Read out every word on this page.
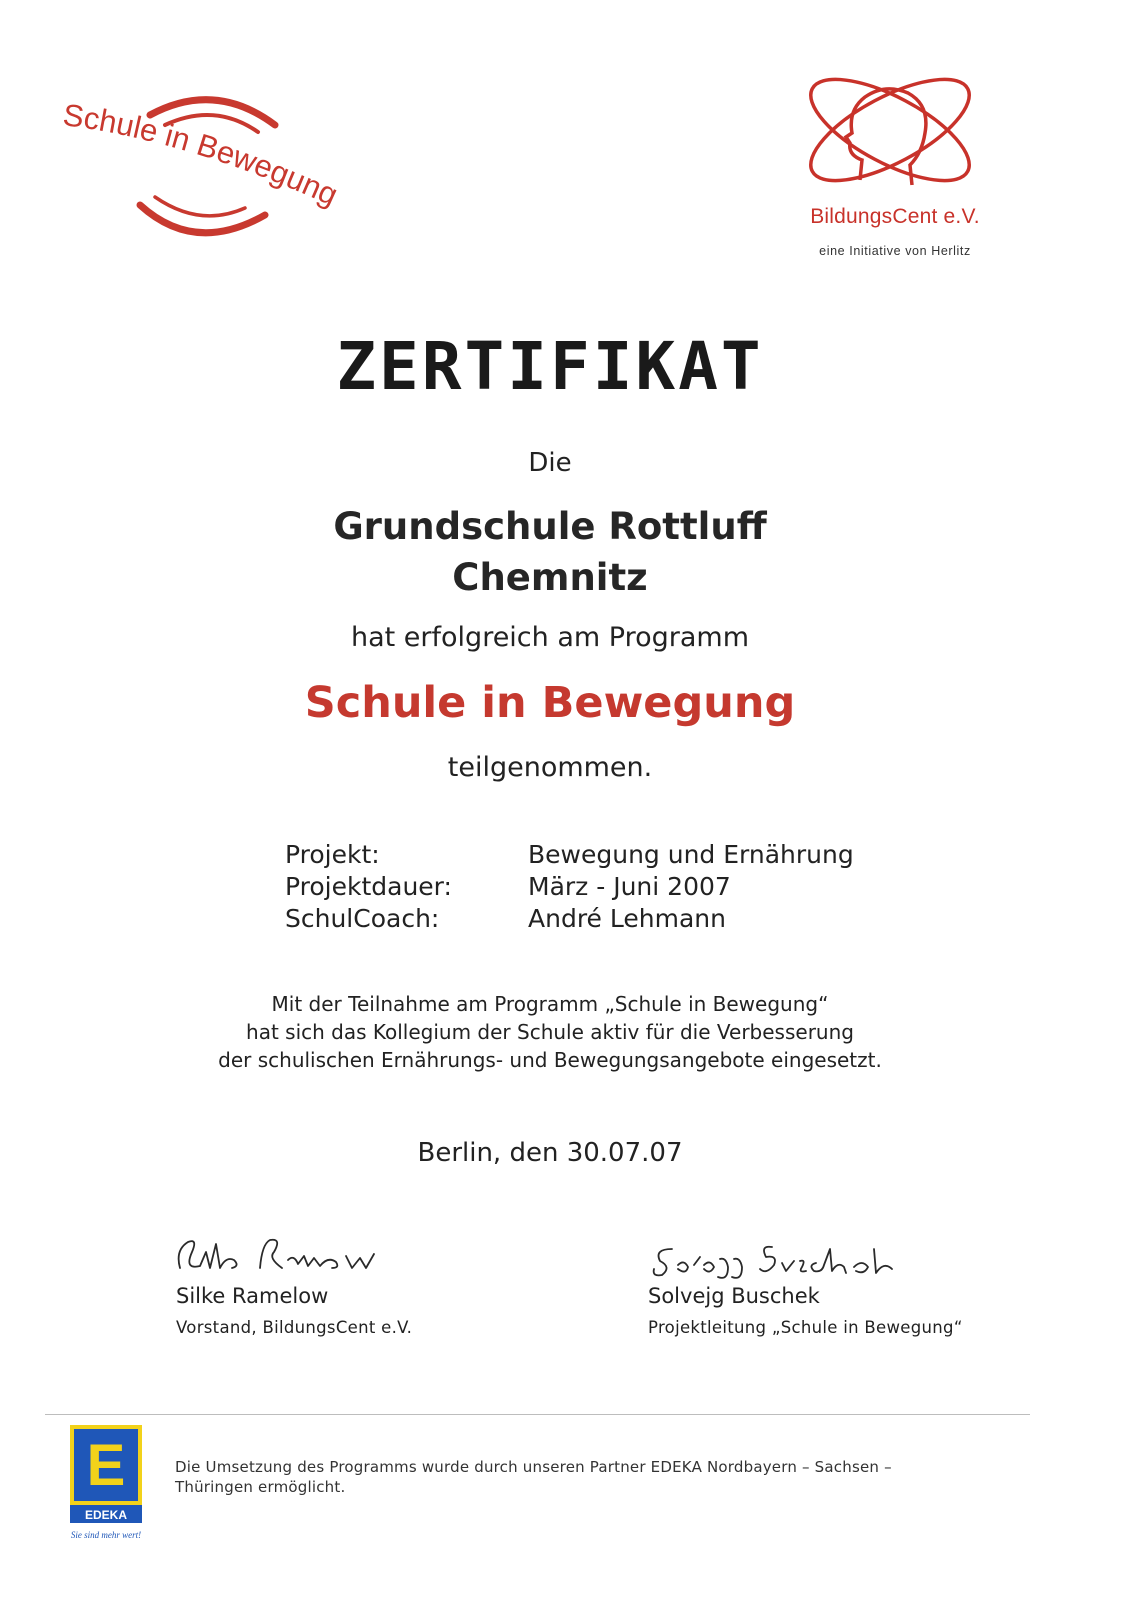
Schule in Bewegung
BildungsCent e.V.
eine Initiative von Herlitz
ZERTIFIKAT
Die
Grundschule Rottluff
Chemnitz
hat erfolgreich am Programm
Schule in Bewegung
teilgenommen.
Projekt:	Bewegung und Ernährung
Projektdauer:	März - Juni 2007
SchulCoach:	André Lehmann
Mit der Teilnahme am Programm „Schule in Bewegung“
hat sich das Kollegium der Schule aktiv für die Verbesserung
der schulischen Ernährungs- und Bewegungsangebote eingesetzt.
Berlin, den 30.07.07
Silke Ramelow
Vorstand, BildungsCent e.V.
Solvejg Buschek
Projektleitung „Schule in Bewegung“
E
EDEKA
Sie sind mehr wert!
Die Umsetzung des Programms wurde durch unseren Partner EDEKA Nordbayern – Sachsen –
Thüringen ermöglicht.
